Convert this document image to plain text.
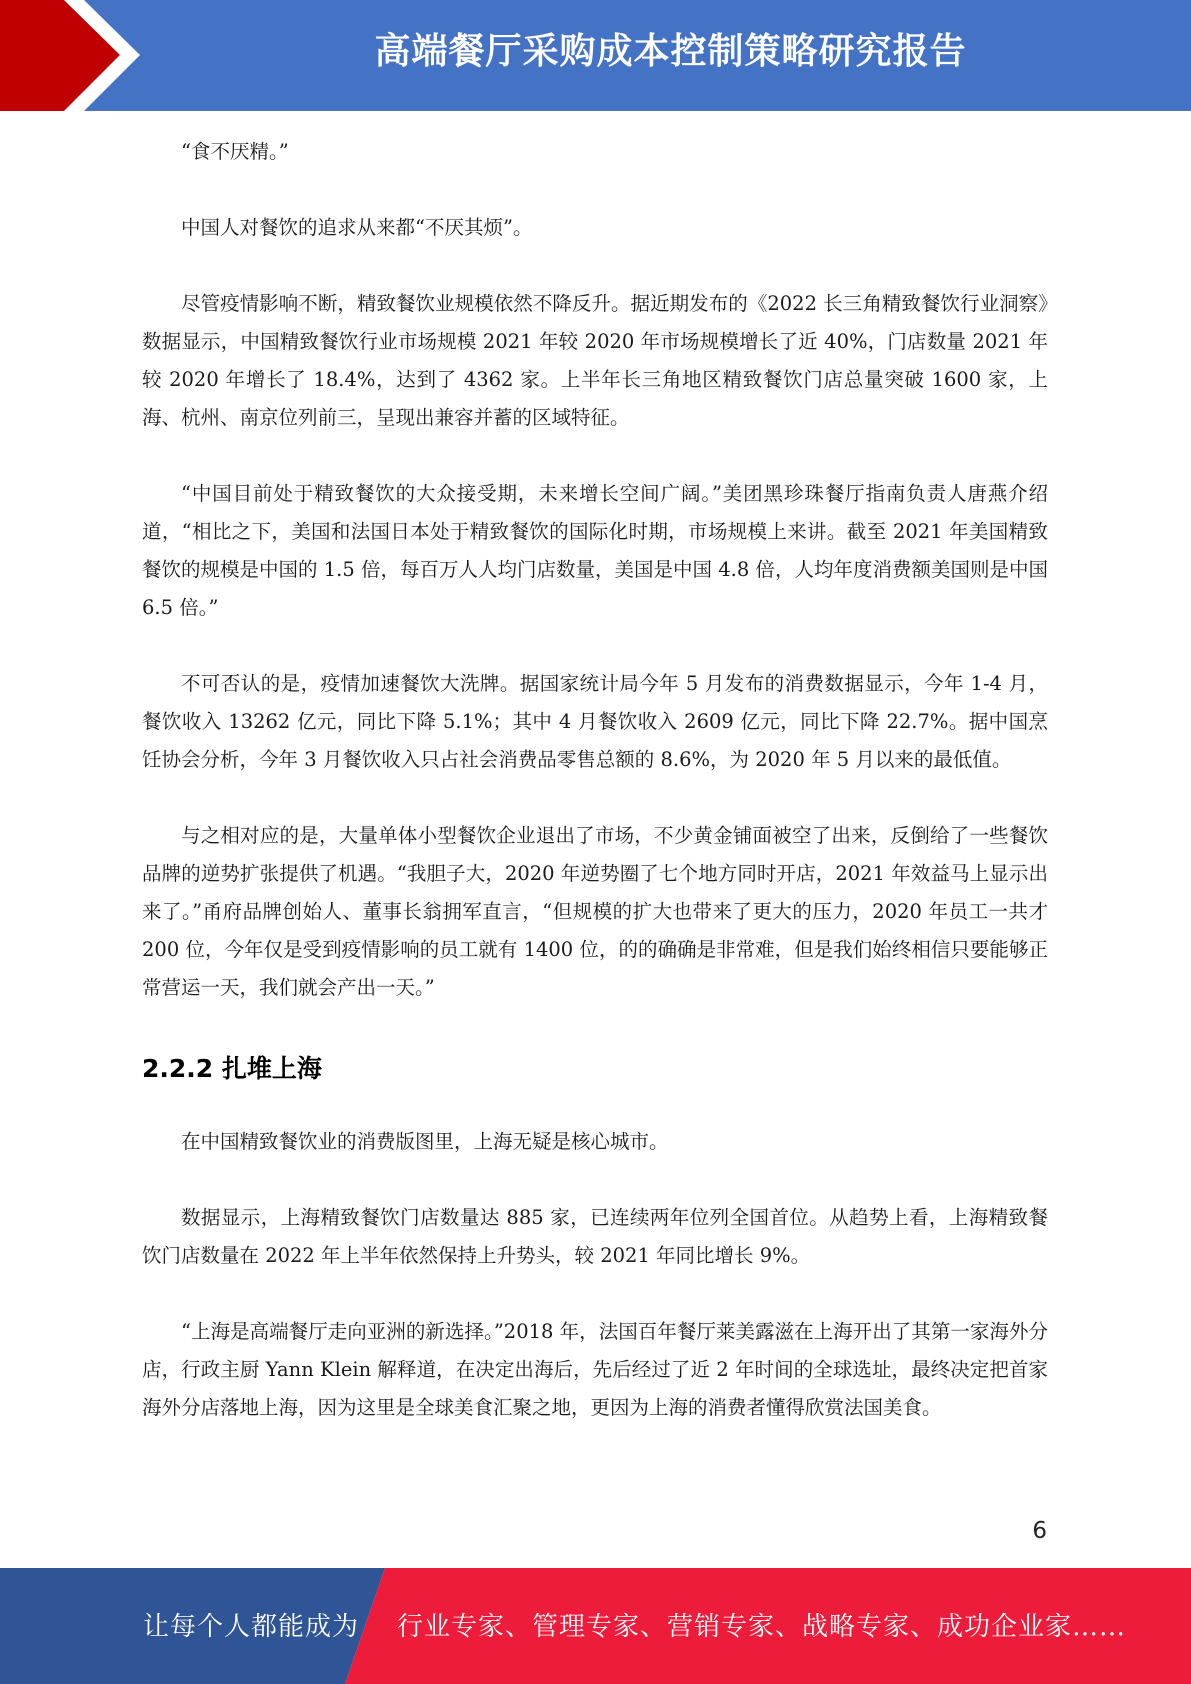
高端餐厅采购成本控制策略研究报告

“食不厌精。”

中国人对餐饮的追求从来都“不厌其烦”。

尽管疫情影响不断，精致餐饮业规模依然不降反升。据近期发布的《2022 长三角精致餐饮行业洞察》数据显示，中国精致餐饮行业市场规模 2021 年较 2020 年市场规模增长了近 40%，门店数量 2021 年较 2020 年增长了 18.4%，达到了 4362 家。上半年长三角地区精致餐饮门店总量突破 1600 家，上海、杭州、南京位列前三，呈现出兼容并蓄的区域特征。

“中国目前处于精致餐饮的大众接受期，未来增长空间广阔。”美团黑珍珠餐厅指南负责人唐燕介绍道，“相比之下，美国和法国日本处于精致餐饮的国际化时期，市场规模上来讲。截至 2021 年美国精致餐饮的规模是中国的 1.5 倍，每百万人人均门店数量，美国是中国 4.8 倍，人均年度消费额美国则是中国 6.5 倍。”

不可否认的是，疫情加速餐饮大洗牌。据国家统计局今年 5 月发布的消费数据显示，今年 1-4 月，餐饮收入 13262 亿元，同比下降 5.1%；其中 4 月餐饮收入 2609 亿元，同比下降 22.7%。据中国烹饪协会分析，今年 3 月餐饮收入只占社会消费品零售总额的 8.6%，为 2020 年 5 月以来的最低值。

与之相对应的是，大量单体小型餐饮企业退出了市场，不少黄金铺面被空了出来，反倒给了一些餐饮品牌的逆势扩张提供了机遇。“我胆子大，2020 年逆势圈了七个地方同时开店，2021 年效益马上显示出来了。”甬府品牌创始人、董事长翁拥军直言，“但规模的扩大也带来了更大的压力，2020 年员工一共才 200 位，今年仅是受到疫情影响的员工就有 1400 位，的的确确是非常难，但是我们始终相信只要能够正常营运一天，我们就会产出一天。”

2.2.2 扎堆上海

在中国精致餐饮业的消费版图里，上海无疑是核心城市。

数据显示，上海精致餐饮门店数量达 885 家，已连续两年位列全国首位。从趋势上看，上海精致餐饮门店数量在 2022 年上半年依然保持上升势头，较 2021 年同比增长 9%。

“上海是高端餐厅走向亚洲的新选择。”2018 年，法国百年餐厅莱美露滋在上海开出了其第一家海外分店，行政主厨 Yann Klein 解释道，在决定出海后，先后经过了近 2 年时间的全球选址，最终决定把首家海外分店落地上海，因为这里是全球美食汇聚之地，更因为上海的消费者懂得欣赏法国美食。

6
让每个人都能成为 行业专家、管理专家、营销专家、战略专家、成功企业家……
